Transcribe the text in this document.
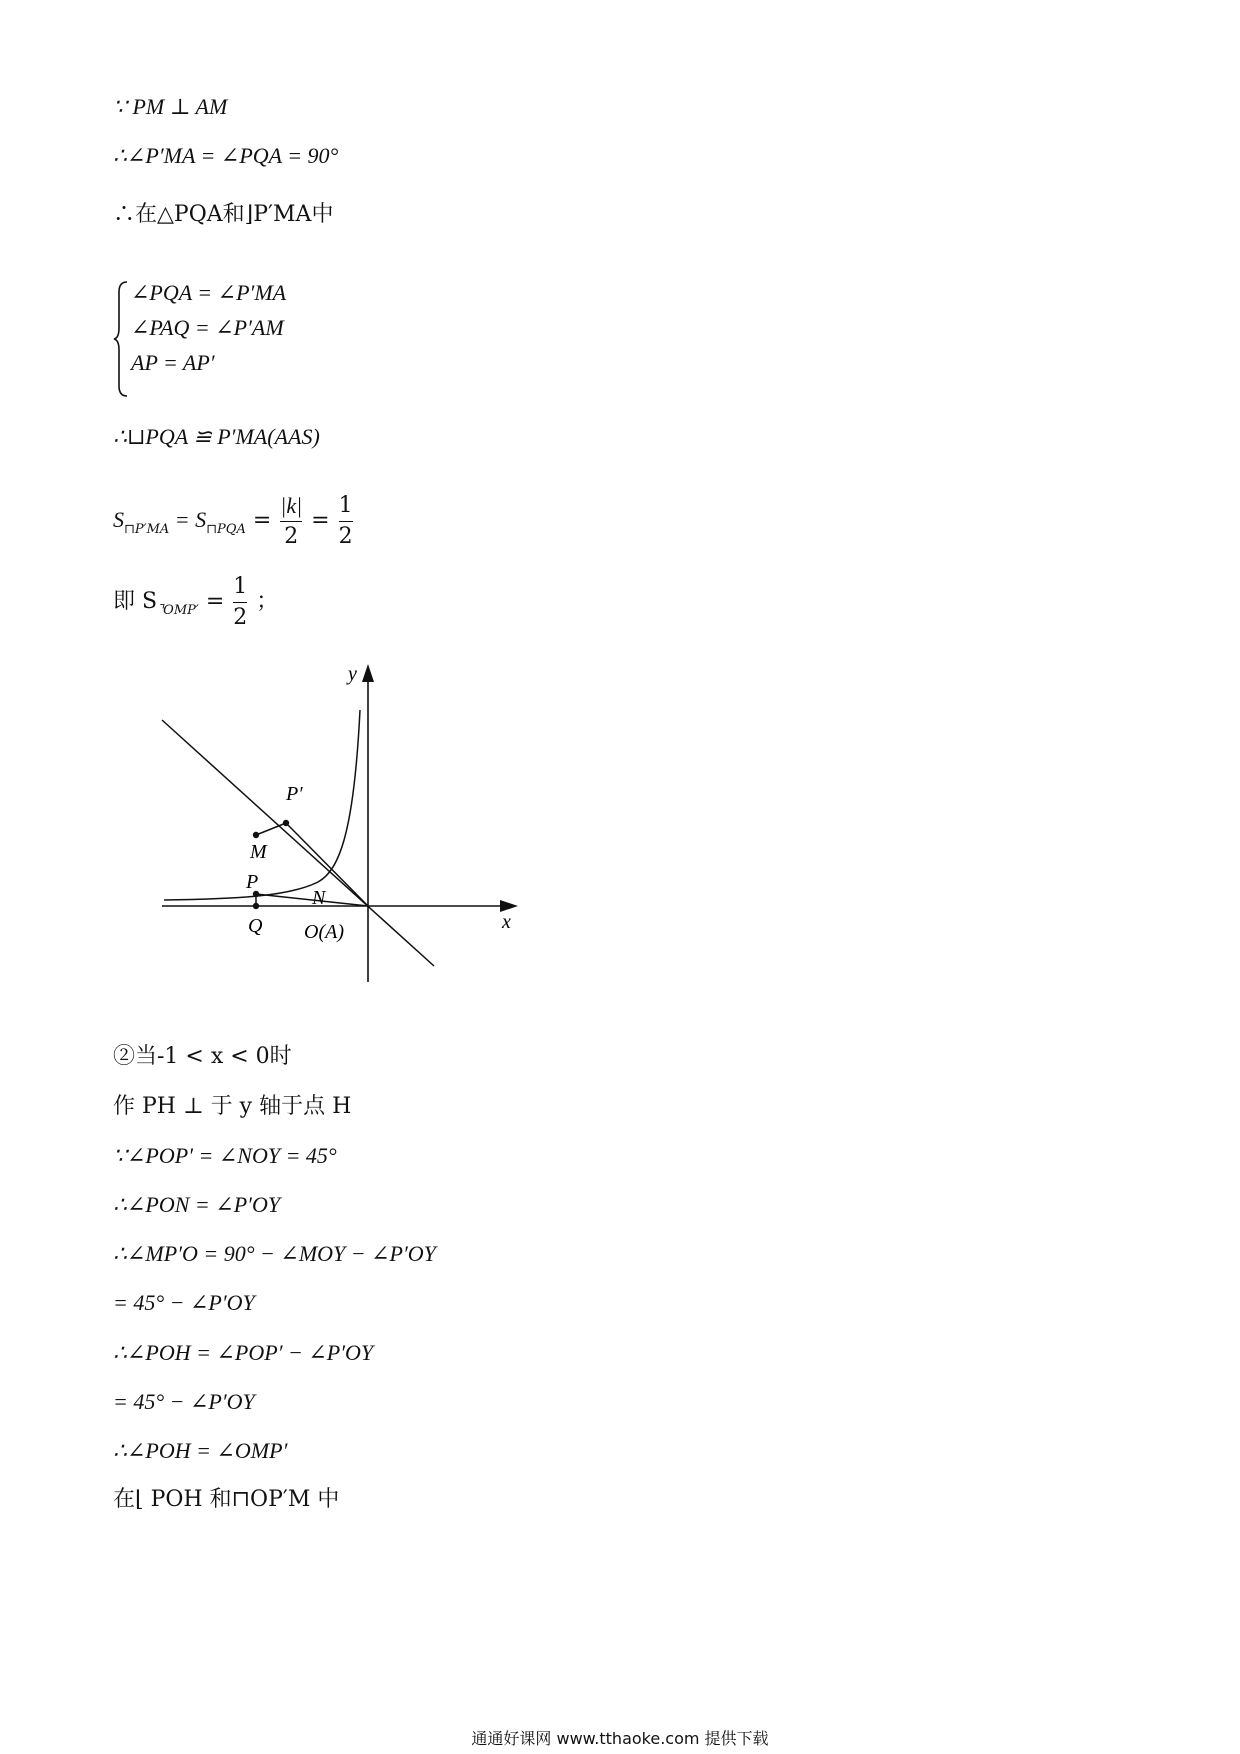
∵ PM ⊥ AM
∴∠P′MA = ∠PQA = 90°
∴在△PQA和⌋P′MA中
∠PQA = ∠P′MA
∠PAQ = ∠P′AM
AP = AP′
∴⊔PQA ≌ P′MA(AAS)
$S_{⊓P'MA} = S_{⊓PQA} = \frac{|k|}{2} = \frac{1}{2}$
即 $S_{⌝OMP'} = \frac{1}{2}$ ；
y
x
P′
M
P
N
Q O(A)
②当-1 < x < 0时
作 PH ⊥ 于 y 轴于点 H
∵∠POP′ = ∠NOY = 45°
∴∠PON = ∠P′OY
∴∠MP′O = 90° − ∠MOY − ∠P′OY
= 45° − ∠P′OY
∴∠POH = ∠POP′ − ∠P′OY
= 45° − ∠P′OY
∴∠POH = ∠OMP′
在⌊ POH 和⊓OP′M 中
通通好课网 www.tthaoke.com 提供下载
